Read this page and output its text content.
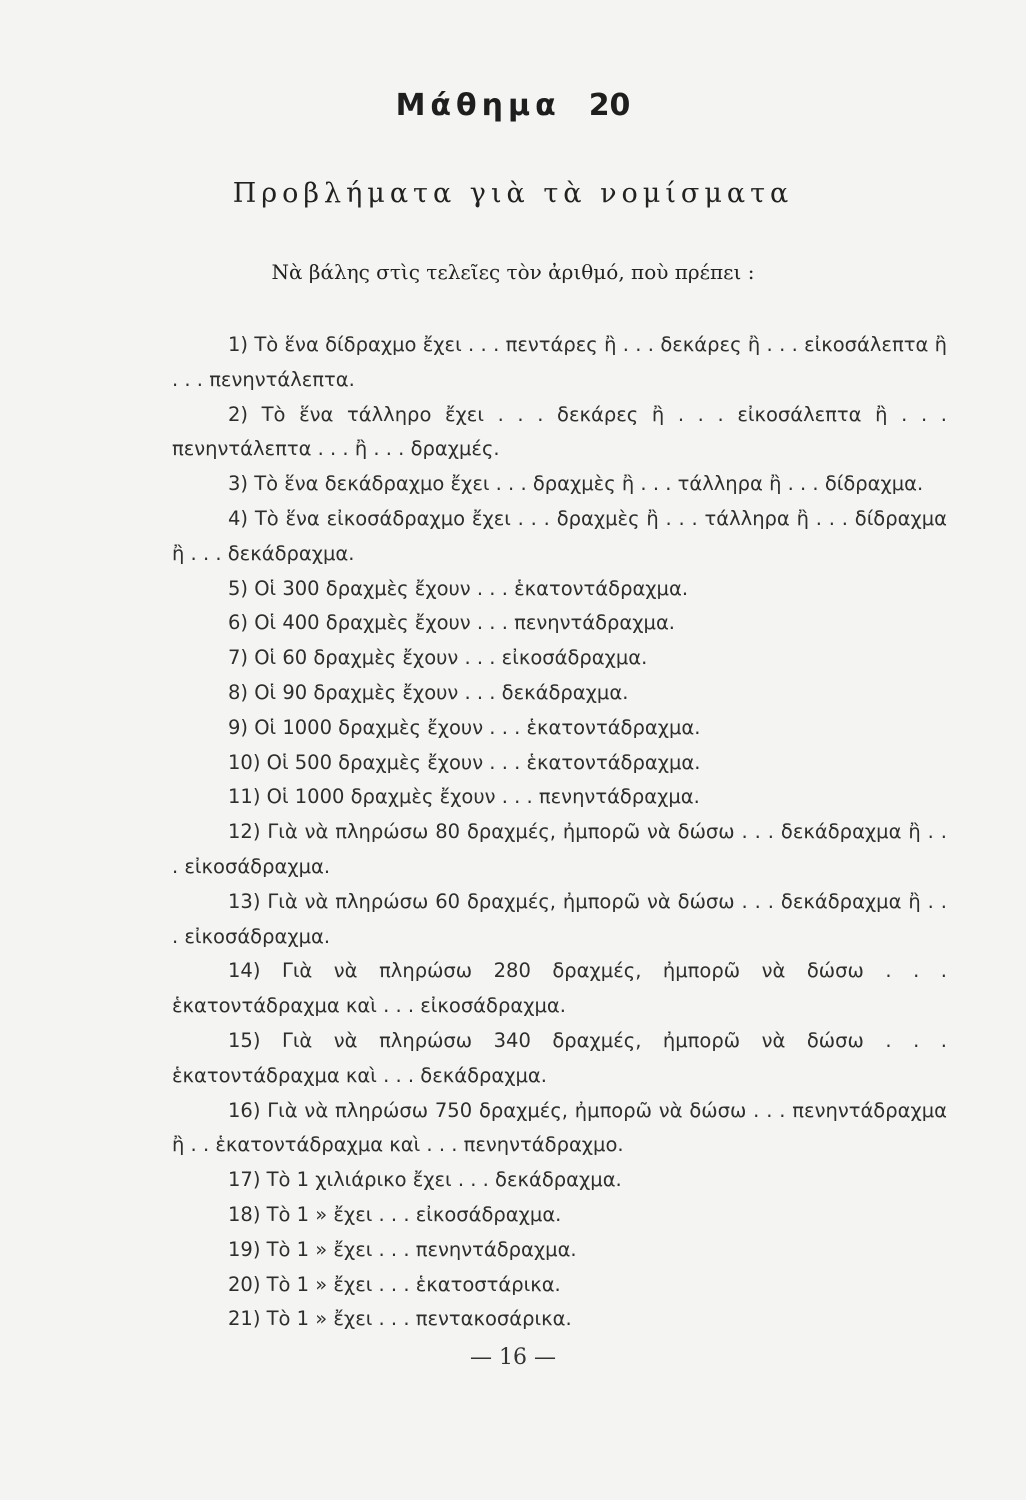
Μάθημα 20
Προβλήματα γιὰ τὰ νομίσματα
Νὰ βάλης στὶς τελεῖες τὸν ἀριθμό, ποὺ πρέπει :

1) Τὸ ἕνα δίδραχμο ἔχει . . . πεντάρες ἢ . . . δεκάρες ἢ . . . εἰκοσάλεπτα ἢ . . . πενηντάλεπτα.

2) Τὸ ἕνα τάλληρο ἔχει . . . δεκάρες ἢ . . . εἰκοσάλεπτα ἢ . . . πενηντάλεπτα . . . ἢ . . . δραχμές.

3) Τὸ ἕνα δεκάδραχμο ἔχει . . . δραχμὲς ἢ . . . τάλληρα ἢ . . . δίδραχμα.

4) Τὸ ἕνα εἰκοσάδραχμο ἔχει . . . δραχμὲς ἢ . . . τάλληρα ἢ . . . δίδραχμα ἢ . . . δεκάδραχμα.

5) Οἱ 300 δραχμὲς ἔχουν . . . ἑκατοντάδραχμα.

6) Οἱ 400 δραχμὲς ἔχουν . . . πενηντάδραχμα.

7) Οἱ 60 δραχμὲς ἔχουν . . . εἰκοσάδραχμα.

8) Οἱ 90 δραχμὲς ἔχουν . . . δεκάδραχμα.

9) Οἱ 1000 δραχμὲς ἔχουν . . . ἑκατοντάδραχμα.

10) Οἱ 500 δραχμὲς ἔχουν . . . ἑκατοντάδραχμα.

11) Οἱ 1000 δραχμὲς ἔχουν . . . πενηντάδραχμα.

12) Γιὰ νὰ πληρώσω 80 δραχμές, ἠμπορῶ νὰ δώσω . . . δεκάδραχμα ἢ . . . εἰκοσάδραχμα.

13) Γιὰ νὰ πληρώσω 60 δραχμές, ἠμπορῶ νὰ δώσω . . . δεκάδραχμα ἢ . . . εἰκοσάδραχμα.

14) Γιὰ νὰ πληρώσω 280 δραχμές, ἠμπορῶ νὰ δώσω . . . ἑκατοντάδραχμα καὶ . . . εἰκοσάδραχμα.

15) Γιὰ νὰ πληρώσω 340 δραχμές, ἠμπορῶ νὰ δώσω . . . ἑκατοντάδραχμα καὶ . . . δεκάδραχμα.

16) Γιὰ νὰ πληρώσω 750 δραχμές, ἠμπορῶ νὰ δώσω . . . πενηντάδραχμα ἢ . . ἑκατοντάδραχμα καὶ . . . πενηντάδραχμο.

17) Τὸ 1 χιλιάρικο ἔχει . . . δεκάδραχμα.

18) Τὸ 1 » ἔχει . . . εἰκοσάδραχμα.

19) Τὸ 1 » ἔχει . . . πενηντάδραχμα.

20) Τὸ 1 » ἔχει . . . ἑκατοστάρικα.

21) Τὸ 1 » ἔχει . . . πεντακοσάρικα.

— 16 —
